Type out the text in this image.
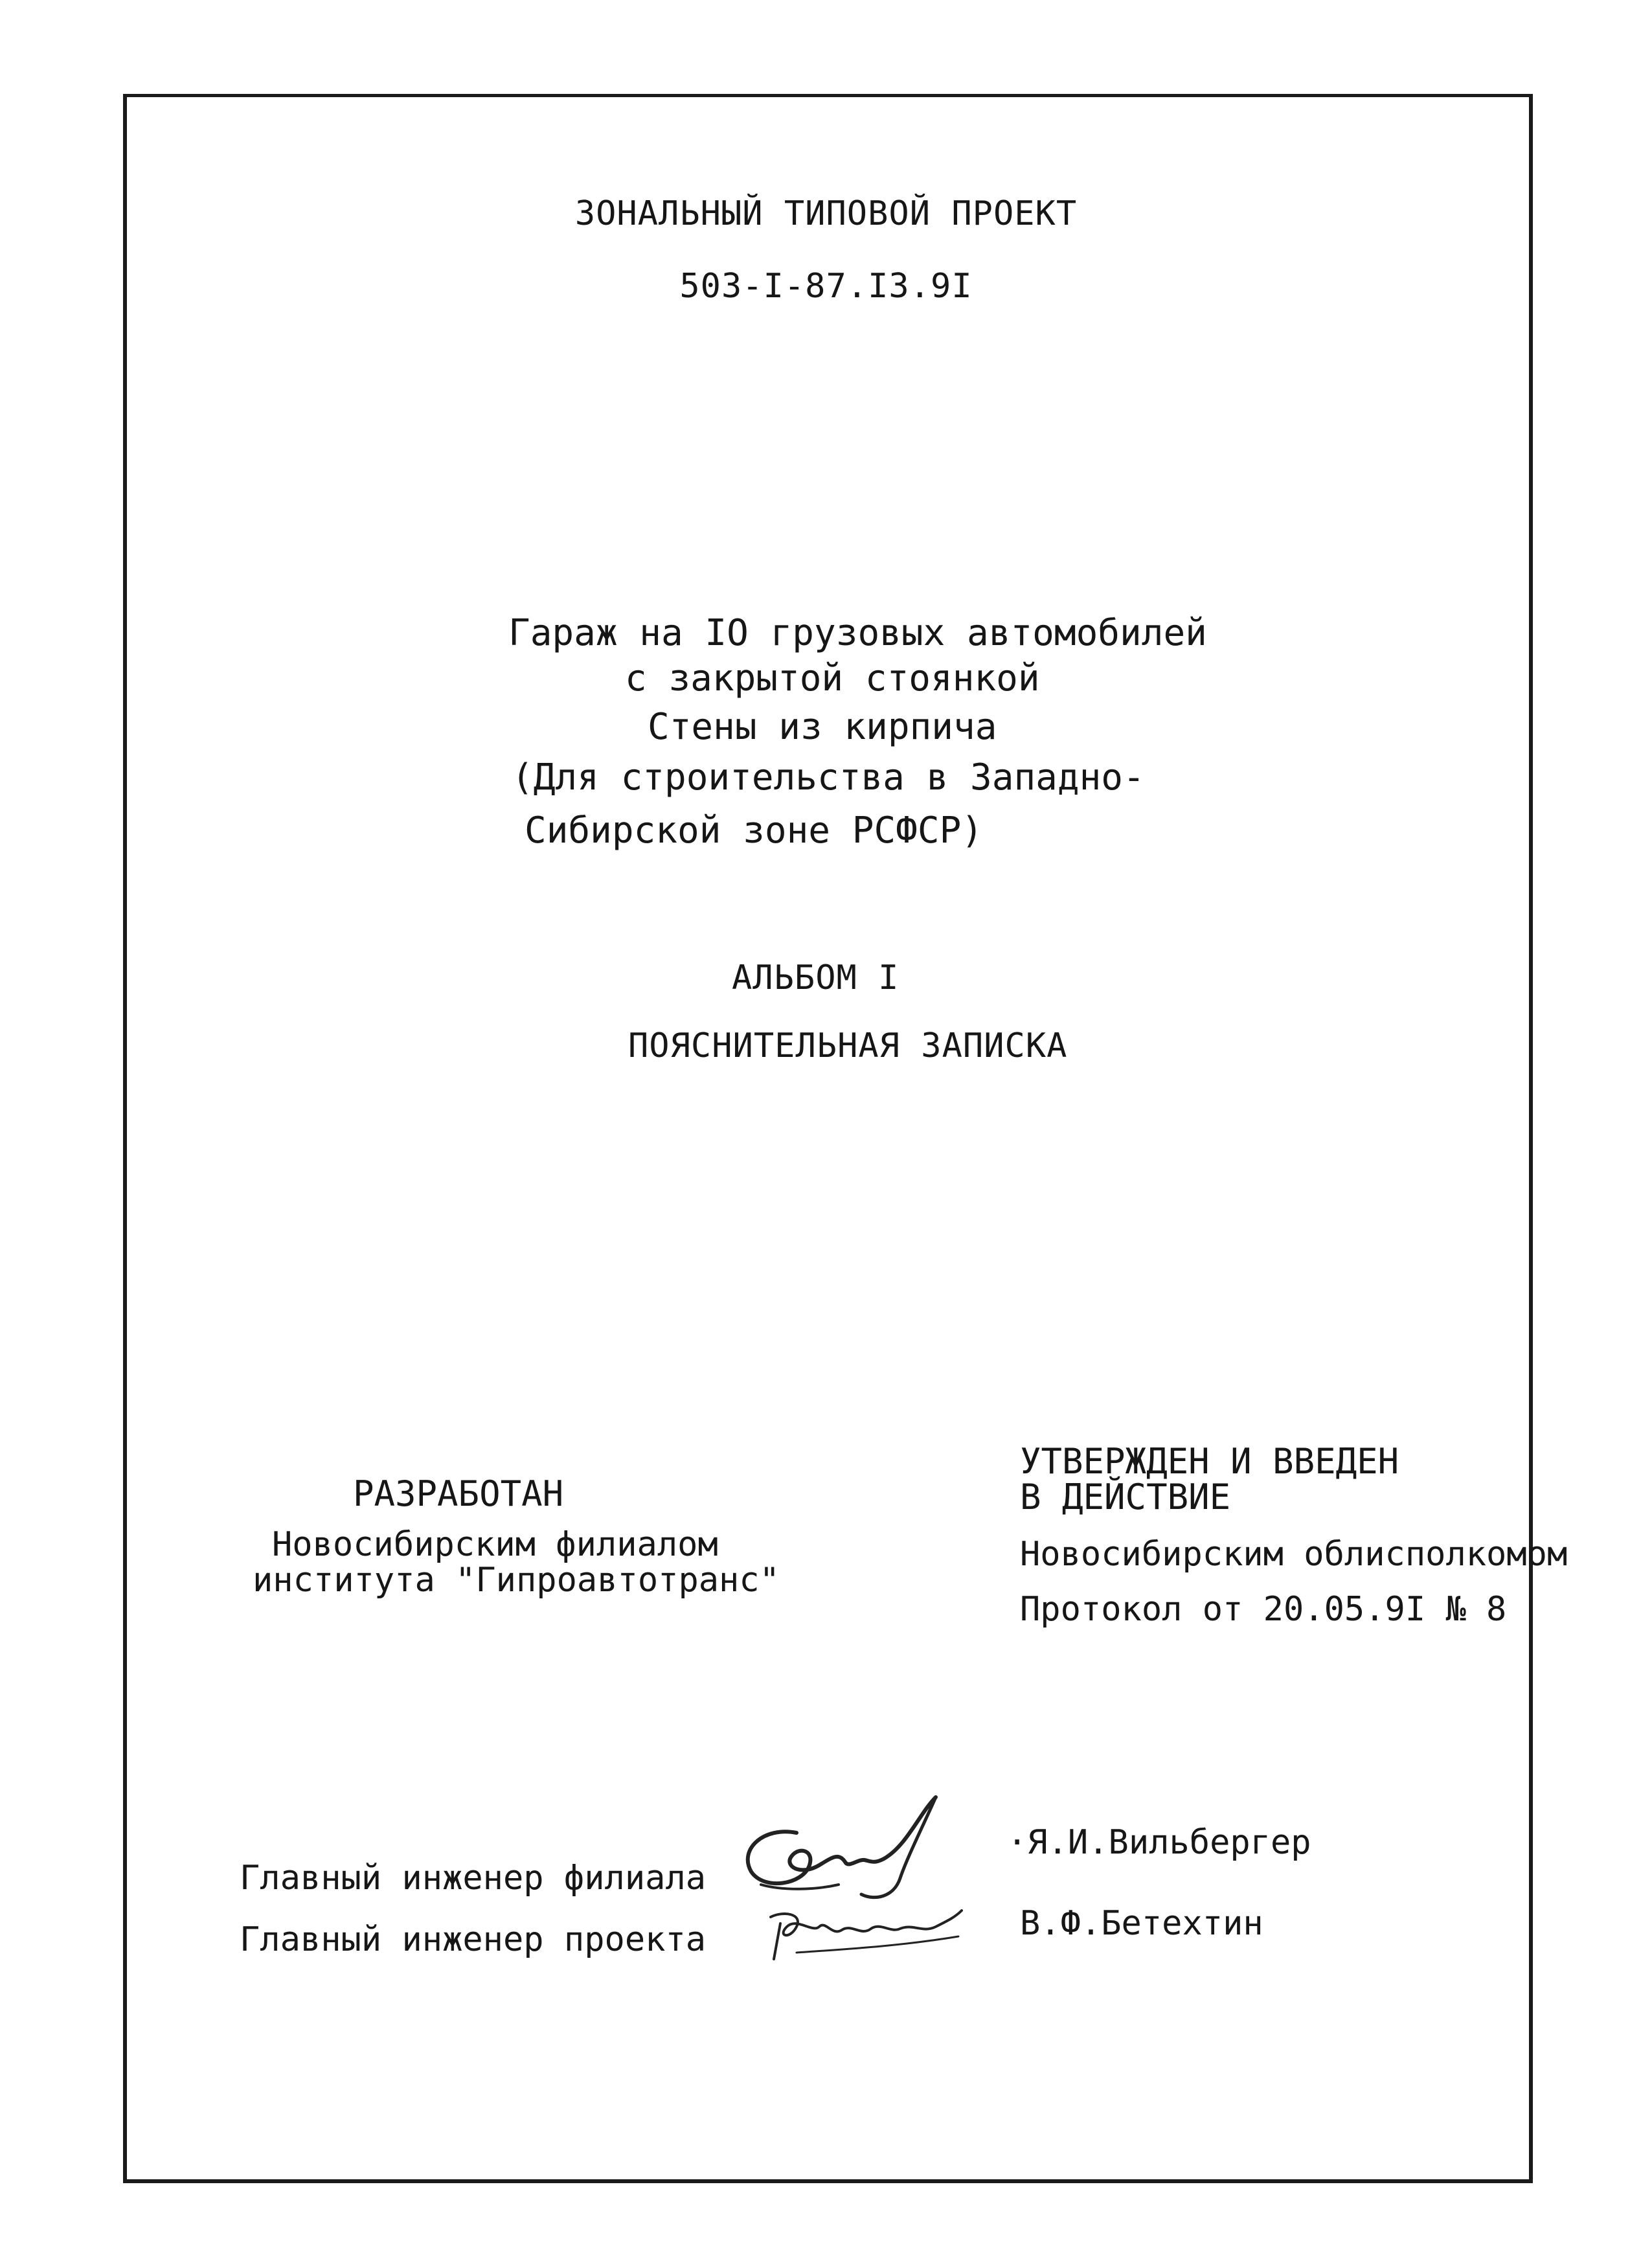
ЗОНАЛЬНЫЙ ТИПОВОЙ ПРОЕКТ
503-I-87.I3.9I
Гараж на IO грузовых автомобилей
с закрытой стоянкой
Стены из кирпича
(Для строительства в Западно-
Сибирской зоне РСФСР)
АЛЬБОМ I
ПОЯСНИТЕЛЬНАЯ ЗАПИСКА
РАЗРАБОТАН
Новосибирским филиалом
института "Гипроавтотранс"
УТВЕРЖДЕН И ВВЕДЕН
В ДЕЙСТВИЕ
Новосибирским облисполкомом
Протокол от 20.05.9I № 8
Главный инженер филиала
·Я.И.Вильбергер
Главный инженер проекта	В.Ф.Бетехтин
